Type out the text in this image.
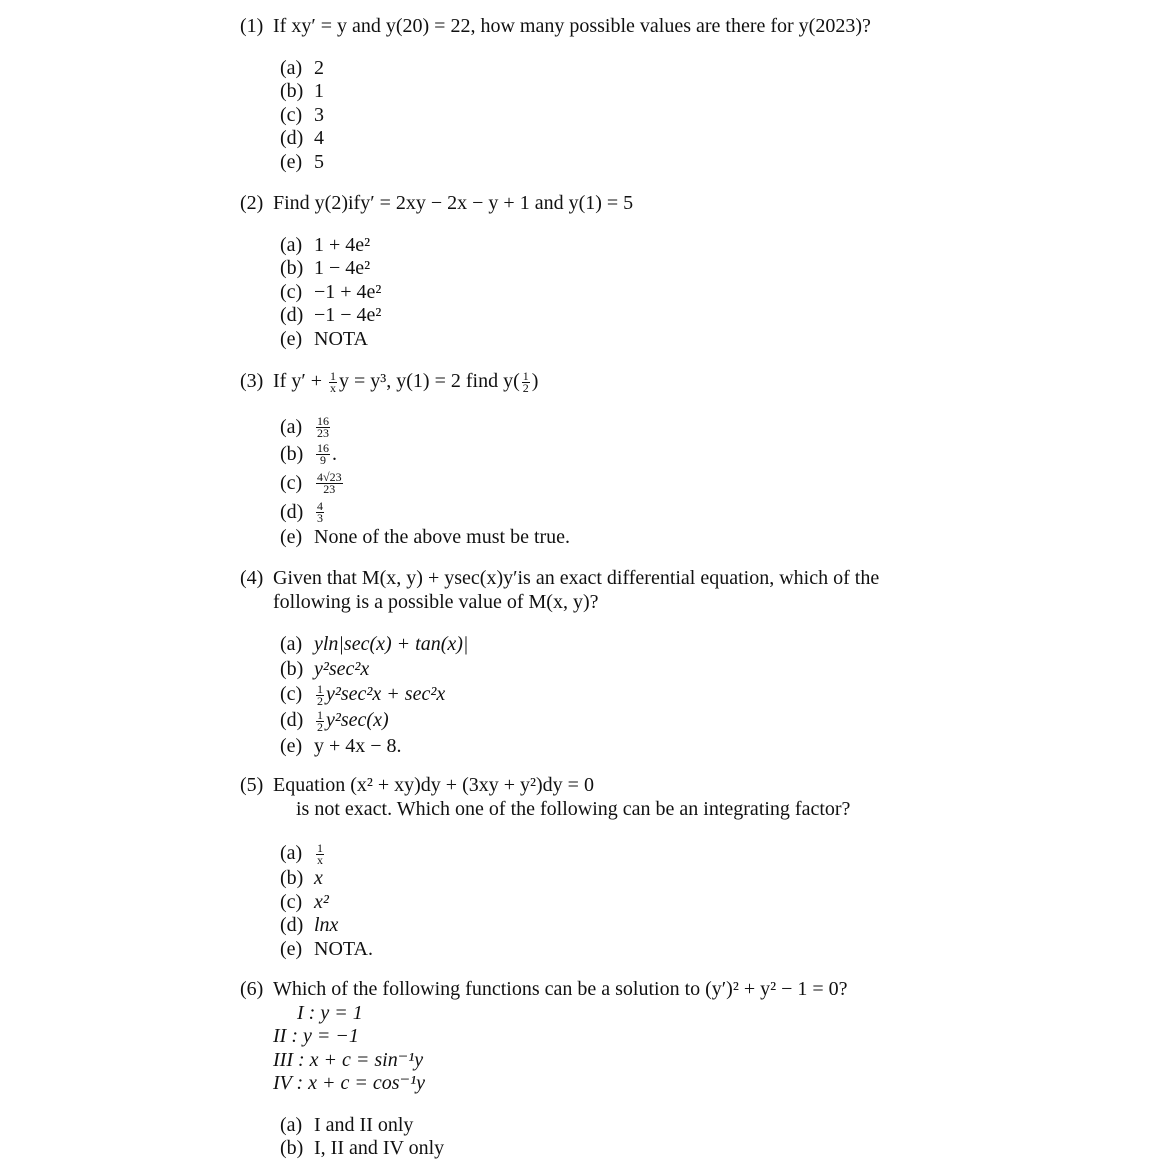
(1) If xy′ = y and y(20) = 22, how many possible values are there for y(2023)?
(a) 2
(b) 1
(c) 3
(d) 4
(e) 5
(2) Find y(2)ify′ = 2xy − 2x − y + 1 and y(1) = 5
(a) 1 + 4e²
(b) 1 − 4e²
(c) −1 + 4e²
(d) −1 − 4e²
(e) NOTA
(3) If $y' + \frac{1}{x}$ y = y³, y(1) = 2 find $y( \frac{1}{2}$ )
(a)	$\frac{16}{23}$
(b)	$\frac{16}{9}$ .
(c)	$\frac{4√23}{23}$
(d)	$\frac{4}{3}$
(e) None of the above must be true.
(4) Given that M(x, y) + ysec(x)y′is an exact differential equation, which of the
following is a possible value of M(x, y)?
(a) yln|sec(x) + tan(x)|
(b) y²sec²x
(c)	$\frac{1}{2} y^2\sec^2x + \sec^2x$
(d)	$\frac{1}{2} y^2\sec(x)$
(e) y + 4x − 8.
(5) Equation (x² + xy)dy + (3xy + y²)dy = 0
is not exact. Which one of the following can be an integrating factor?
(a)	$\frac{1}{x}$
(b) x
(c) x²
(d) lnx
(e) NOTA.
(6) Which of the following functions can be a solution to (y′)² + y² − 1 = 0?
I : y = 1
II : y = −1
III : x + c = sin⁻¹y
IV : x + c = cos⁻¹y
(a) I and II only
(b) I, II and IV only
